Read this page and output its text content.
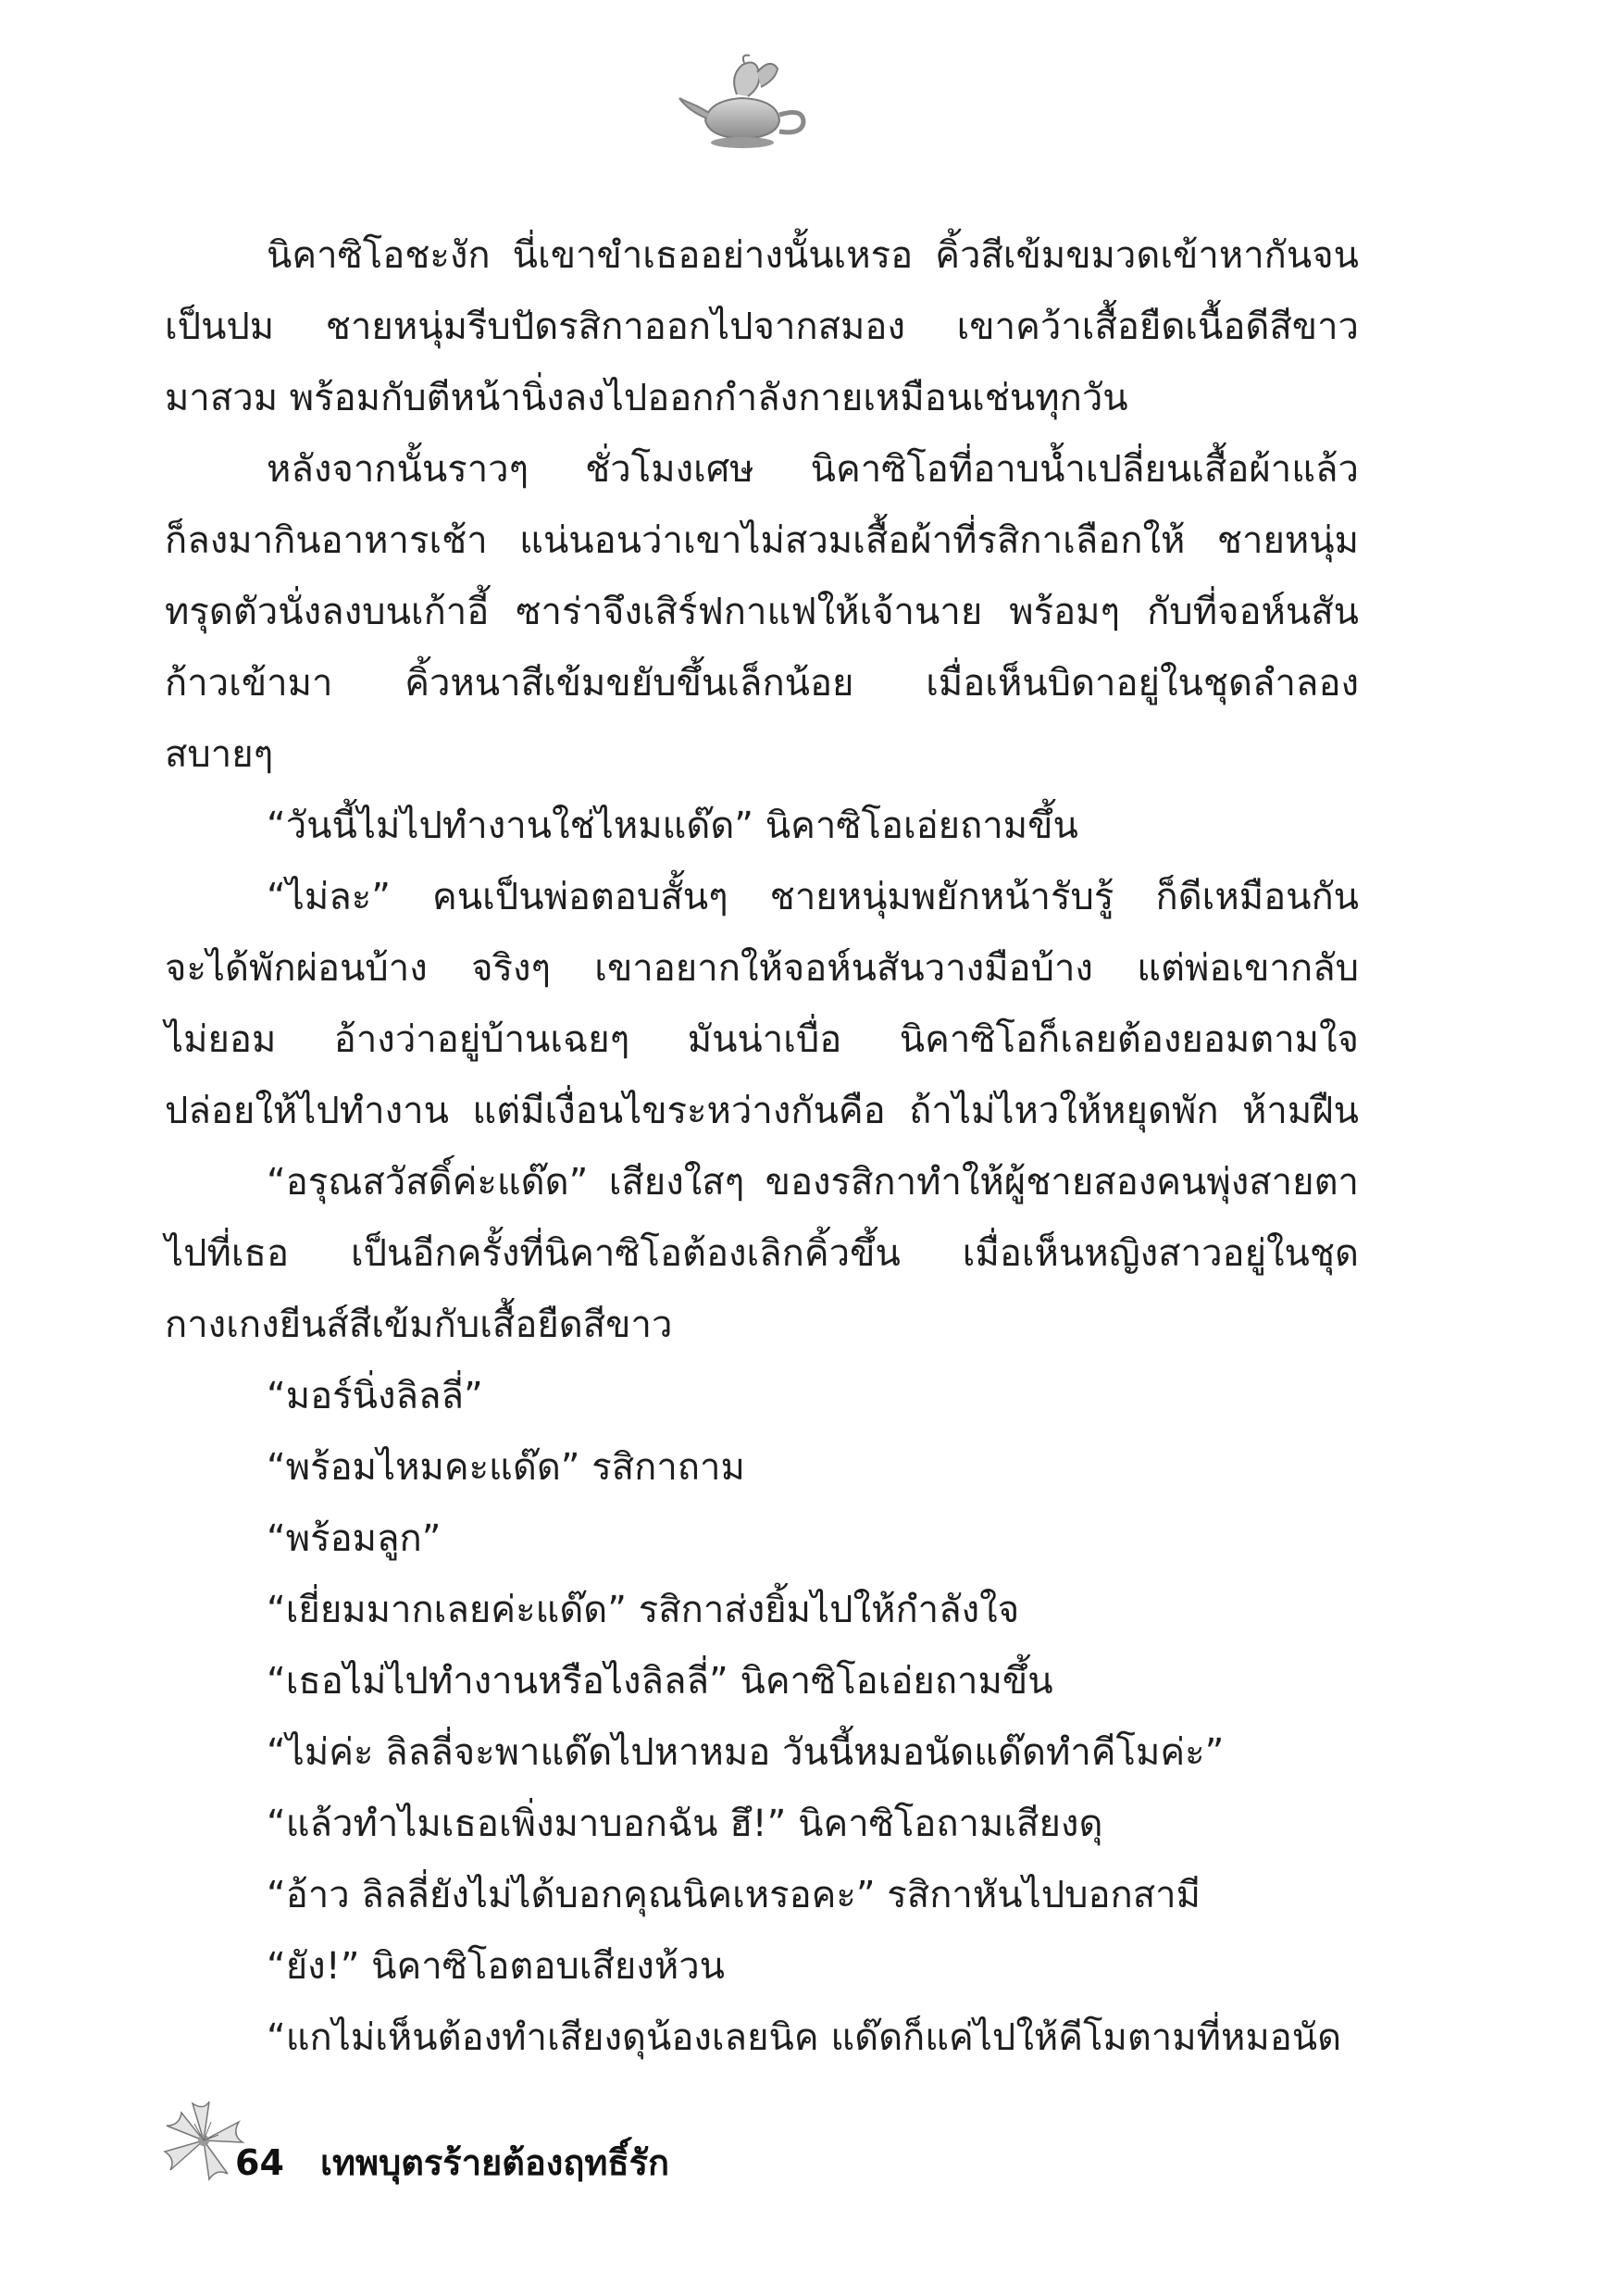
นิคาซิโอชะงัก นี่เขาขำเธออย่างนั้นเหรอ คิ้วสีเข้มขมวดเข้าหากันจน
เป็นปม ชายหนุ่มรีบปัดรสิกาออกไปจากสมอง เขาคว้าเสื้อยืดเนื้อดีสีขาว
มาสวม พร้อมกับตีหน้านิ่งลงไปออกกำลังกายเหมือนเช่นทุกวัน
หลังจากนั้นราวๆ ชั่วโมงเศษ นิคาซิโอที่อาบน้ำเปลี่ยนเสื้อผ้าแล้ว
ก็ลงมากินอาหารเช้า แน่นอนว่าเขาไม่สวมเสื้อผ้าที่รสิกาเลือกให้ ชายหนุ่ม
ทรุดตัวนั่งลงบนเก้าอี้ ซาร่าจึงเสิร์ฟกาแฟให้เจ้านาย พร้อมๆ กับที่จอห์นสัน
ก้าวเข้ามา คิ้วหนาสีเข้มขยับขึ้นเล็กน้อย เมื่อเห็นบิดาอยู่ในชุดลำลอง
สบายๆ
“วันนี้ไม่ไปทำงานใช่ไหมแด๊ด” นิคาซิโอเอ่ยถามขึ้น
“ไม่ละ” คนเป็นพ่อตอบสั้นๆ ชายหนุ่มพยักหน้ารับรู้ ก็ดีเหมือนกัน
จะได้พักผ่อนบ้าง จริงๆ เขาอยากให้จอห์นสันวางมือบ้าง แต่พ่อเขากลับ
ไม่ยอม อ้างว่าอยู่บ้านเฉยๆ มันน่าเบื่อ นิคาซิโอก็เลยต้องยอมตามใจ
ปล่อยให้ไปทำงาน แต่มีเงื่อนไขระหว่างกันคือ ถ้าไม่ไหวให้หยุดพัก ห้ามฝืน
“อรุณสวัสดิ์ค่ะแด๊ด” เสียงใสๆ ของรสิกาทำให้ผู้ชายสองคนพุ่งสายตา
ไปที่เธอ เป็นอีกครั้งที่นิคาซิโอต้องเลิกคิ้วขึ้น เมื่อเห็นหญิงสาวอยู่ในชุด
กางเกงยีนส์สีเข้มกับเสื้อยืดสีขาว
“มอร์นิ่งลิลลี่”
“พร้อมไหมคะแด๊ด” รสิกาถาม
“พร้อมลูก”
“เยี่ยมมากเลยค่ะแด๊ด” รสิกาส่งยิ้มไปให้กำลังใจ
“เธอไม่ไปทำงานหรือไงลิลลี่” นิคาซิโอเอ่ยถามขึ้น
“ไม่ค่ะ ลิลลี่จะพาแด๊ดไปหาหมอ วันนี้หมอนัดแด๊ดทำคีโมค่ะ”
“แล้วทำไมเธอเพิ่งมาบอกฉัน ฮึ!” นิคาซิโอถามเสียงดุ
“อ้าว ลิลลี่ยังไม่ได้บอกคุณนิคเหรอคะ” รสิกาหันไปบอกสามี
“ยัง!” นิคาซิโอตอบเสียงห้วน
“แกไม่เห็นต้องทำเสียงดุน้องเลยนิค แด๊ดก็แค่ไปให้คีโมตามที่หมอนัด
64 เทพบุตรร้ายต้องฤทธิ์รัก
